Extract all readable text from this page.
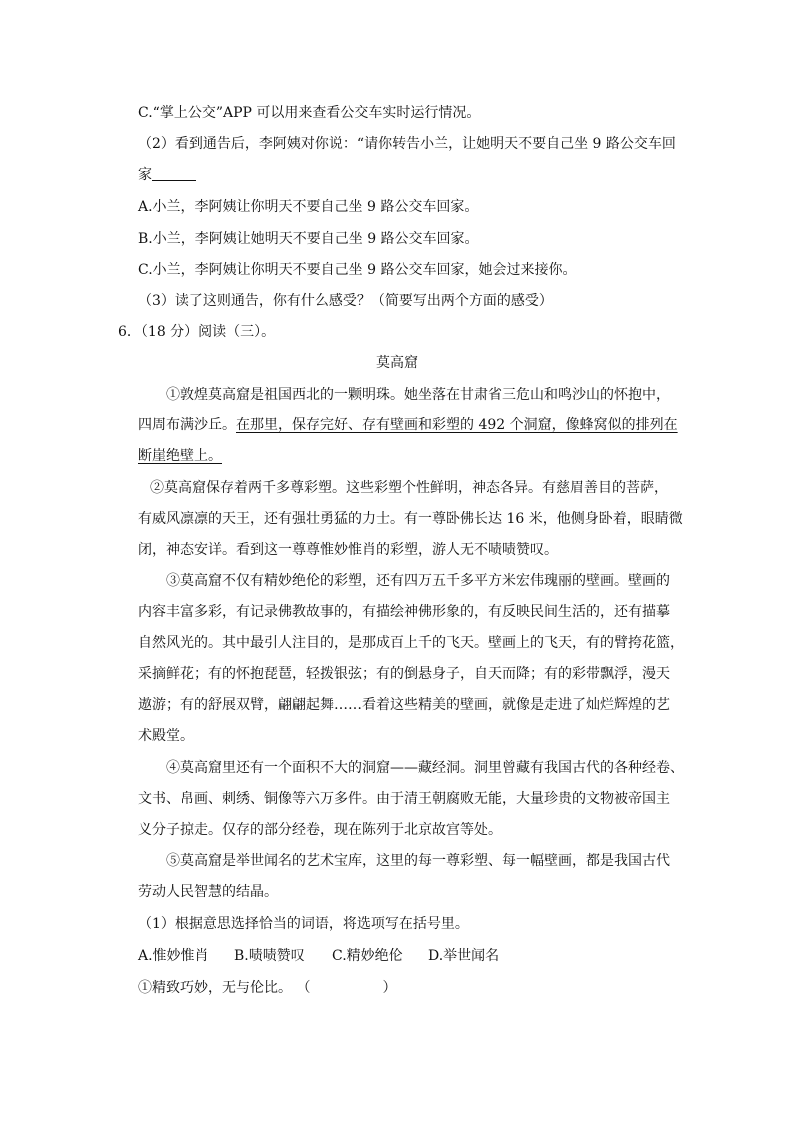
C.“掌上公交”APP 可以用来查看公交车实时运行情况。
（2）看到通告后，李阿姨对你说：“请你转告小兰，让她明天不要自己坐 9 路公交车回
家
A.小兰，李阿姨让你明天不要自己坐 9 路公交车回家。
B.小兰，李阿姨让她明天不要自己坐 9 路公交车回家。
C.小兰，李阿姨让你明天不要自己坐 9 路公交车回家，她会过来接你。
（3）读了这则通告，你有什么感受？（简要写出两个方面的感受）
6．（18 分）阅读（三）。
莫高窟
①敦煌莫高窟是祖国西北的一颗明珠。她坐落在甘肃省三危山和鸣沙山的怀抱中，
四周布满沙丘。在那里，保存完好、存有壁画和彩塑的 492 个洞窟，像蜂窝似的排列在
断崖绝壁上。
②莫高窟保存着两千多尊彩塑。这些彩塑个性鲜明，神态各异。有慈眉善目的菩萨，
有威风凛凛的天王，还有强壮勇猛的力士。有一尊卧佛长达 16 米，他侧身卧着，眼睛微
闭，神态安详。看到这一尊尊惟妙惟肖的彩塑，游人无不啧啧赞叹。
③莫高窟不仅有精妙绝伦的彩塑，还有四万五千多平方米宏伟瑰丽的壁画。壁画的
内容丰富多彩，有记录佛教故事的，有描绘神佛形象的，有反映民间生活的，还有描摹
自然风光的。其中最引人注目的，是那成百上千的飞天。壁画上的飞天，有的臂挎花篮，
采摘鲜花；有的怀抱琵琶，轻拨银弦；有的倒悬身子，自天而降；有的彩带飘浮，漫天
遨游；有的舒展双臂，翩翩起舞……看着这些精美的壁画，就像是走进了灿烂辉煌的艺
术殿堂。
④莫高窟里还有一个面积不大的洞窟——藏经洞。洞里曾藏有我国古代的各种经卷、
文书、帛画、刺绣、铜像等六万多件。由于清王朝腐败无能，大量珍贵的文物被帝国主
义分子掠走。仅存的部分经卷，现在陈列于北京故宫等处。
⑤莫高窟是举世闻名的艺术宝库，这里的每一尊彩塑、每一幅壁画，都是我国古代
劳动人民智慧的结晶。
（1）根据意思选择恰当的词语，将选项写在括号里。
A.惟妙惟肖 B.啧啧赞叹 C.精妙绝伦 D.举世闻名
①精致巧妙，无与伦比。 （	）
